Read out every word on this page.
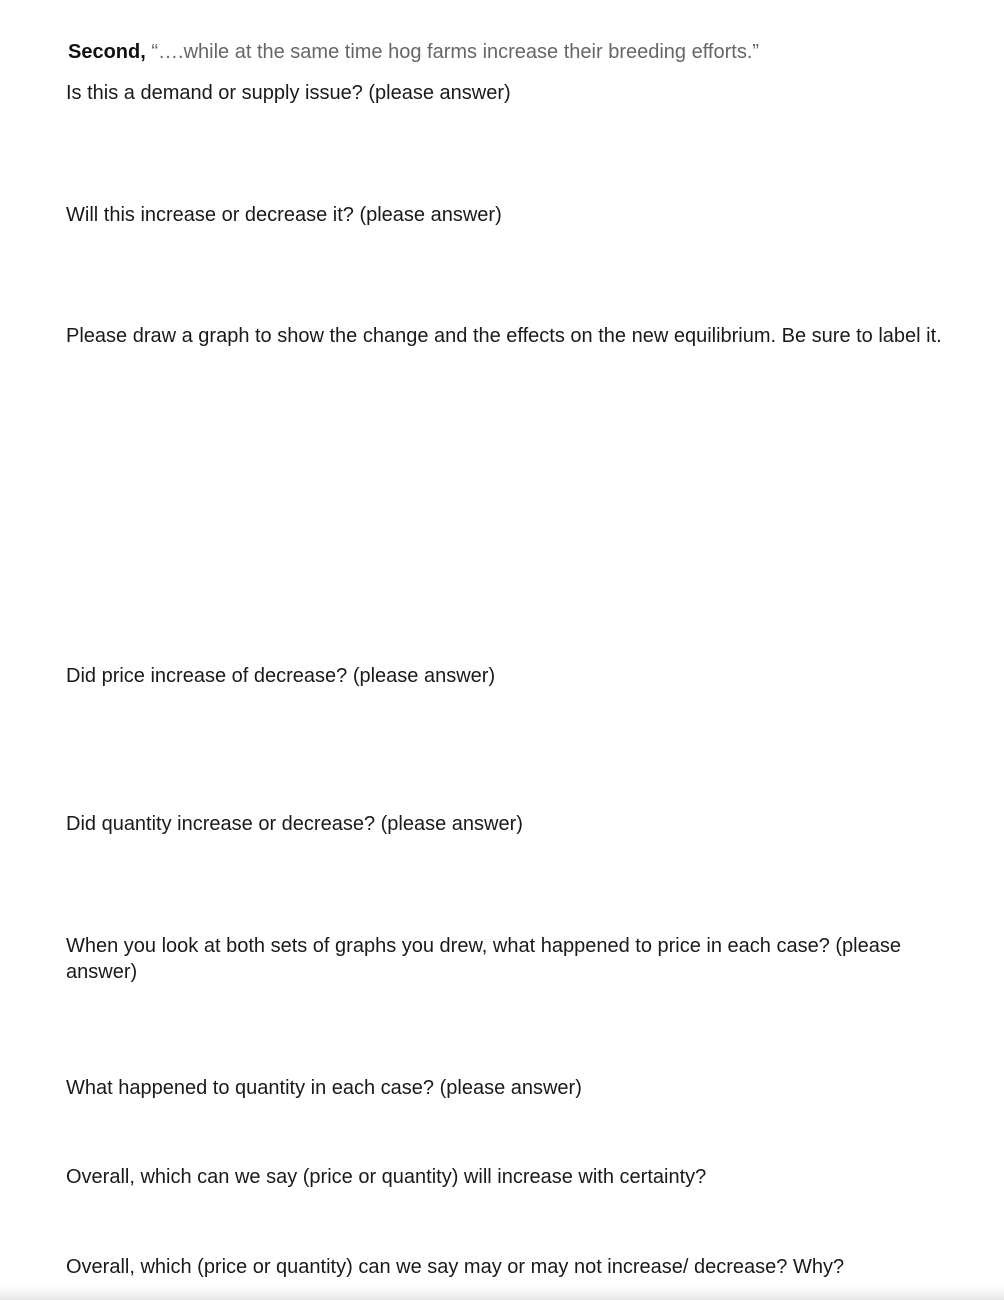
Second, “….while at the same time hog farms increase their breeding efforts.”
Is this a demand or supply issue? (please answer)
Will this increase or decrease it? (please answer)
Please draw a graph to show the change and the effects on the new equilibrium. Be sure to label it.
Did price increase of decrease? (please answer)
Did quantity increase or decrease? (please answer)
When you look at both sets of graphs you drew, what happened to price in each case? (please answer)
What happened to quantity in each case? (please answer)
Overall, which can we say (price or quantity) will increase with certainty?
Overall, which (price or quantity) can we say may or may not increase/ decrease? Why?
